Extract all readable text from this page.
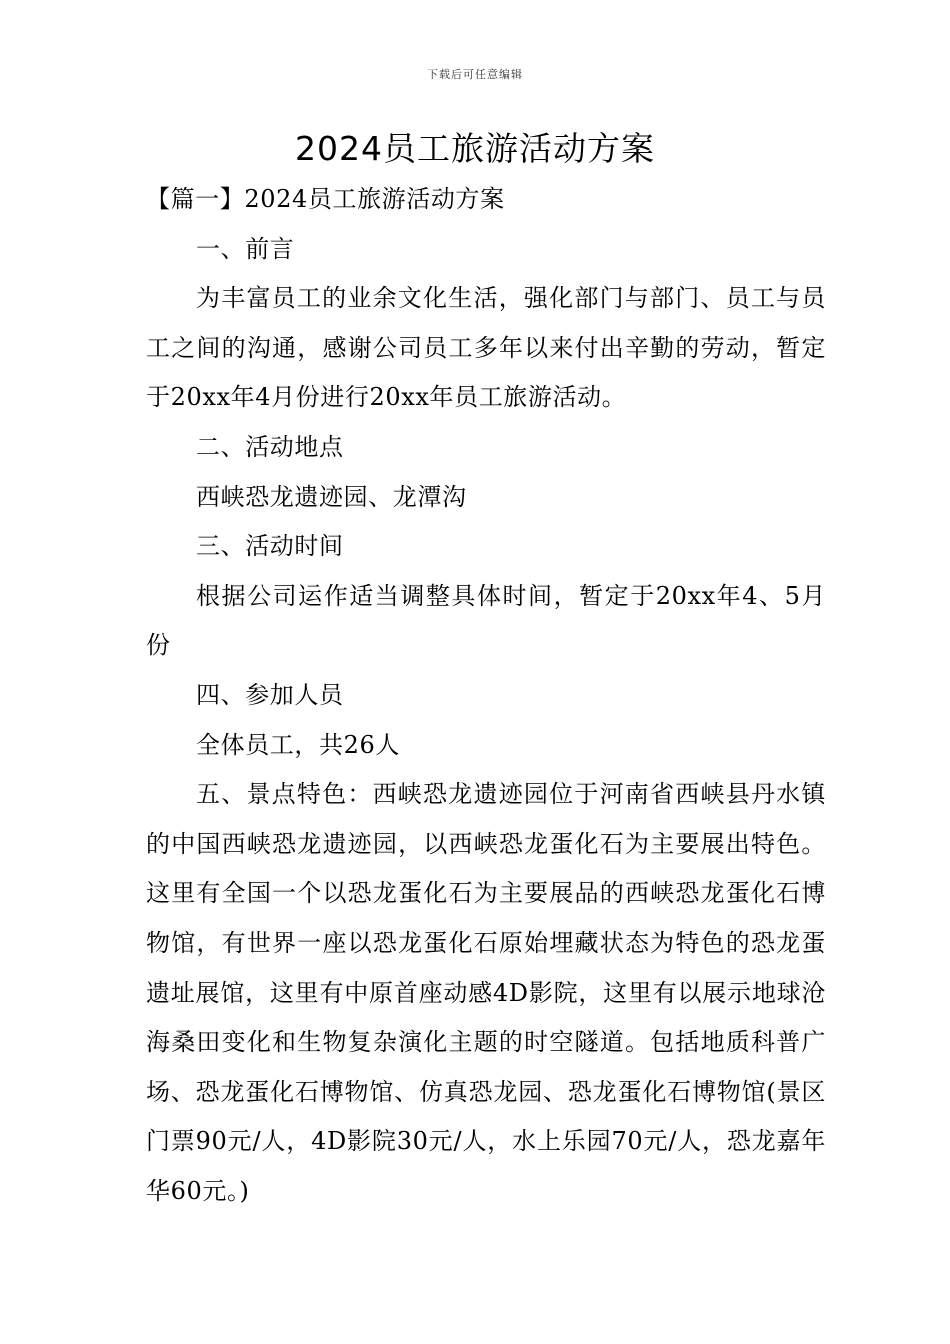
下载后可任意编辑
2024员工旅游活动方案

【篇一】2024员工旅游活动方案

一、前言

为丰富员工的业余文化生活，强化部门与部门、员工与员工之间的沟通，感谢公司员工多年以来付出辛勤的劳动，暂定于20xx年4月份进行20xx年员工旅游活动。

二、活动地点

西峡恐龙遗迹园、龙潭沟

三、活动时间

根据公司运作适当调整具体时间，暂定于20xx年4、5月份

四、参加人员

全体员工，共26人

五、景点特色：西峡恐龙遗迹园位于河南省西峡县丹水镇的中国西峡恐龙遗迹园，以西峡恐龙蛋化石为主要展出特色。这里有全国一个以恐龙蛋化石为主要展品的西峡恐龙蛋化石博物馆，有世界一座以恐龙蛋化石原始埋藏状态为特色的恐龙蛋遗址展馆，这里有中原首座动感4D影院，这里有以展示地球沧海桑田变化和生物复杂演化主题的时空隧道。包括地质科普广场、恐龙蛋化石博物馆、仿真恐龙园、恐龙蛋化石博物馆(景区门票90元/人，4D影院30元/人，水上乐园70元/人，恐龙嘉年华60元。)
